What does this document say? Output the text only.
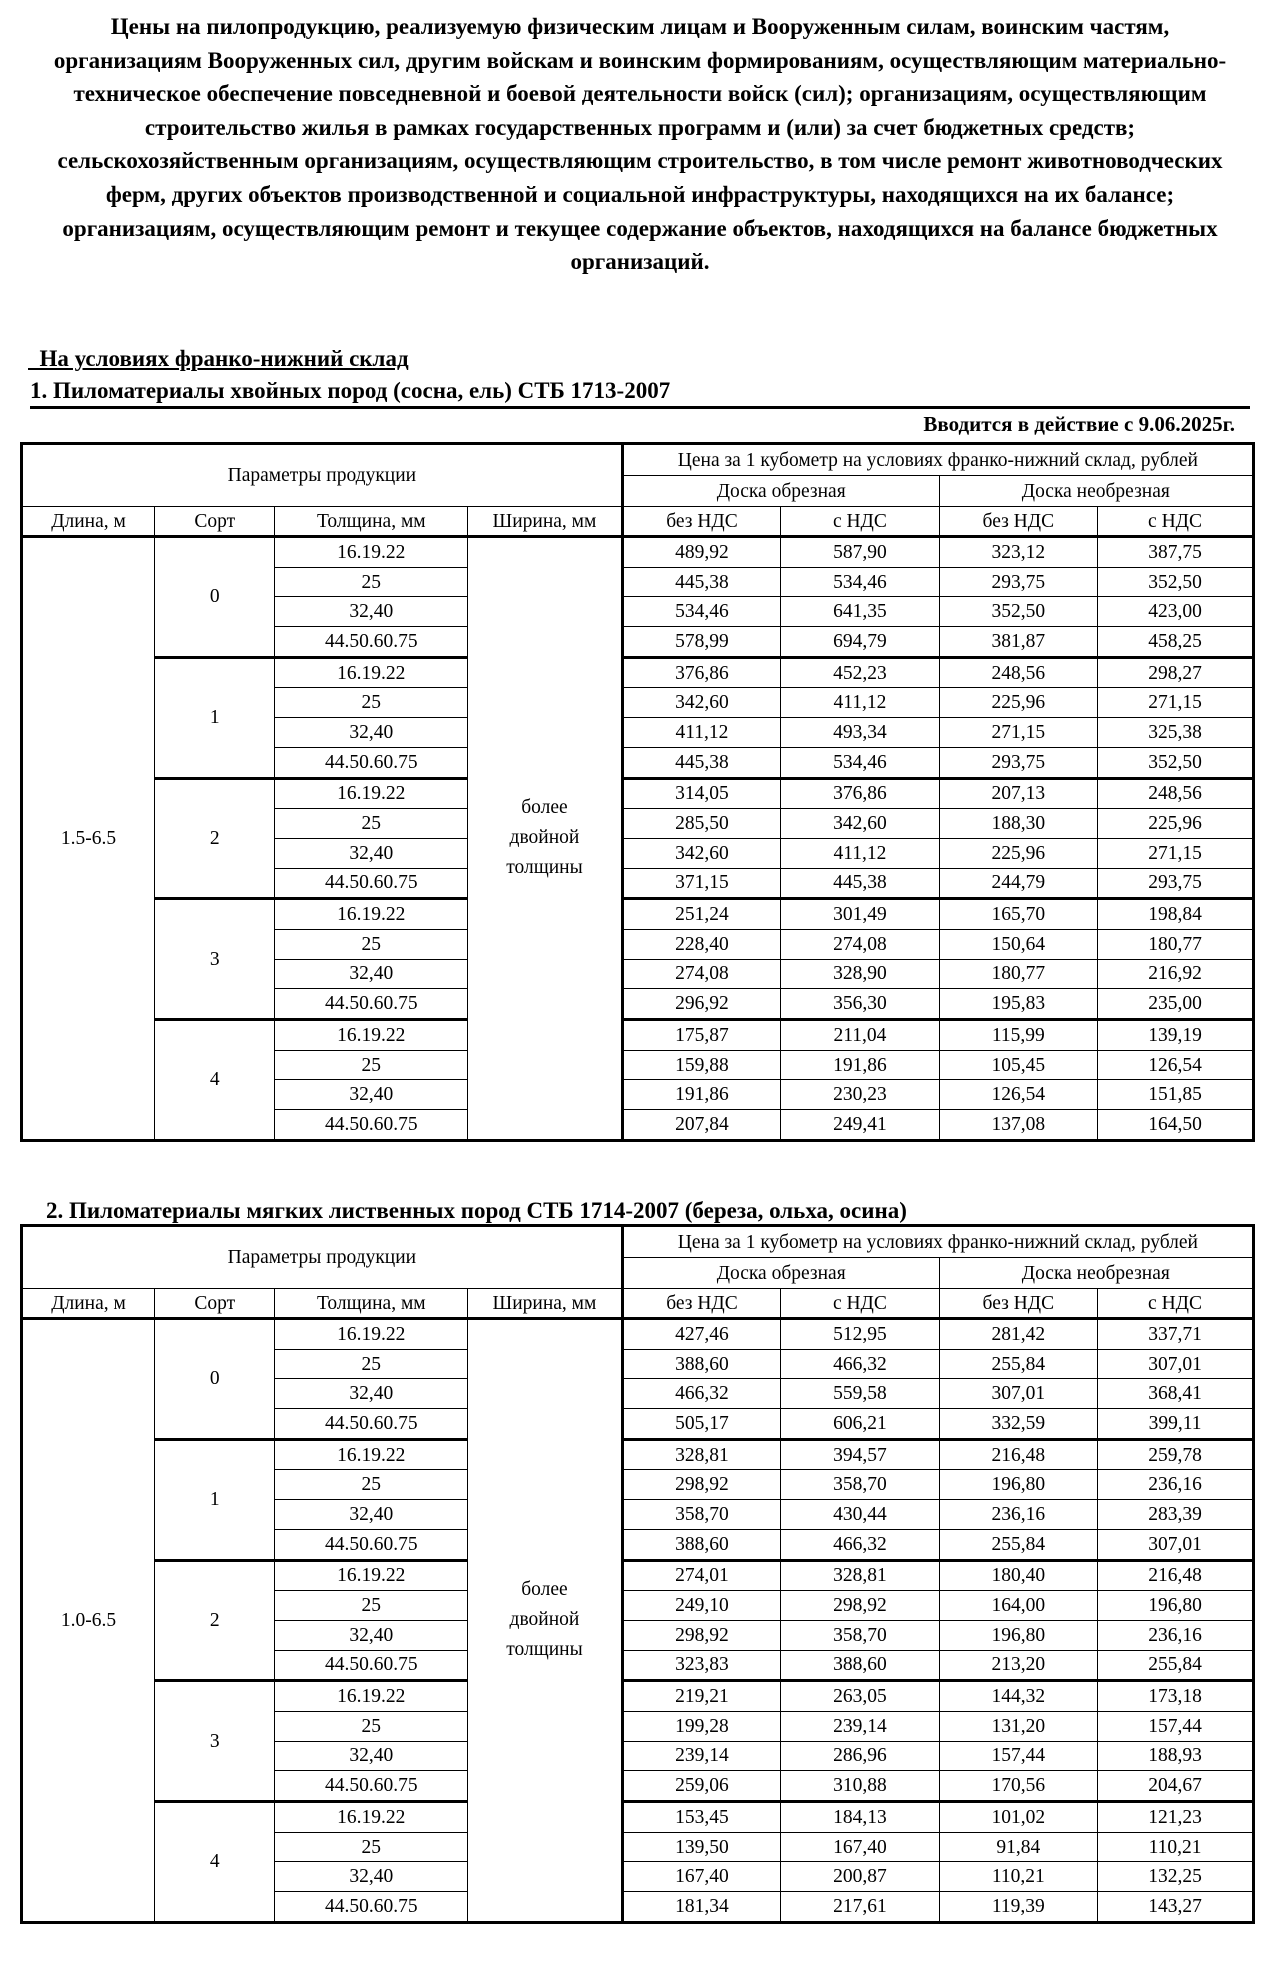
Цены на пилопродукцию, реализуемую физическим лицам и Вооруженным силам, воинским частям, организациям Вооруженных сил, другим войскам и воинским формированиям, осуществляющим материально-техническое обеспечение повседневной и боевой деятельности войск (сил); организациям, осуществляющим строительство жилья в рамках государственных программ и (или) за счет бюджетных средств; сельскохозяйственным организациям, осуществляющим строительство, в том числе ремонт животноводческих ферм, других объектов производственной и социальной инфраструктуры, находящихся на их балансе; организациям, осуществляющим ремонт и текущее содержание объектов, находящихся на балансе бюджетных организаций.
На условиях франко-нижний склад
1. Пиломатериалы хвойных пород (сосна, ель) СТБ 1713-2007
Вводится в действие с 9.06.2025г.
Параметры продукции				Цена за 1 кубометр на условиях франко-нижний склад, рублей			
				Доска обрезная		Доска необрезная	
Длина, м	Сорт	Толщина, мм	Ширина, мм	без НДС	с НДС	без НДС	с НДС
1.5-6.5	0	16.19.22	более двойной толщины	489,92	587,90	323,12	387,75
		25		445,38	534,46	293,75	352,50
		32,40		534,46	641,35	352,50	423,00
		44.50.60.75		578,99	694,79	381,87	458,25
	1	16.19.22		376,86	452,23	248,56	298,27
		25		342,60	411,12	225,96	271,15
		32,40		411,12	493,34	271,15	325,38
		44.50.60.75		445,38	534,46	293,75	352,50
	2	16.19.22		314,05	376,86	207,13	248,56
		25		285,50	342,60	188,30	225,96
		32,40		342,60	411,12	225,96	271,15
		44.50.60.75		371,15	445,38	244,79	293,75
	3	16.19.22		251,24	301,49	165,70	198,84
		25		228,40	274,08	150,64	180,77
		32,40		274,08	328,90	180,77	216,92
		44.50.60.75		296,92	356,30	195,83	235,00
	4	16.19.22		175,87	211,04	115,99	139,19
		25		159,88	191,86	105,45	126,54
		32,40		191,86	230,23	126,54	151,85
		44.50.60.75		207,84	249,41	137,08	164,50
2. Пиломатериалы мягких лиственных пород СТБ 1714-2007 (береза, ольха, осина)
Параметры продукции				Цена за 1 кубометр на условиях франко-нижний склад, рублей			
				Доска обрезная		Доска необрезная	
Длина, м	Сорт	Толщина, мм	Ширина, мм	без НДС	с НДС	без НДС	с НДС
1.0-6.5	0	16.19.22	более двойной толщины	427,46	512,95	281,42	337,71
		25		388,60	466,32	255,84	307,01
		32,40		466,32	559,58	307,01	368,41
		44.50.60.75		505,17	606,21	332,59	399,11
	1	16.19.22		328,81	394,57	216,48	259,78
		25		298,92	358,70	196,80	236,16
		32,40		358,70	430,44	236,16	283,39
		44.50.60.75		388,60	466,32	255,84	307,01
	2	16.19.22		274,01	328,81	180,40	216,48
		25		249,10	298,92	164,00	196,80
		32,40		298,92	358,70	196,80	236,16
		44.50.60.75		323,83	388,60	213,20	255,84
	3	16.19.22		219,21	263,05	144,32	173,18
		25		199,28	239,14	131,20	157,44
		32,40		239,14	286,96	157,44	188,93
		44.50.60.75		259,06	310,88	170,56	204,67
	4	16.19.22		153,45	184,13	101,02	121,23
		25		139,50	167,40	91,84	110,21
		32,40		167,40	200,87	110,21	132,25
		44.50.60.75		181,34	217,61	119,39	143,27
